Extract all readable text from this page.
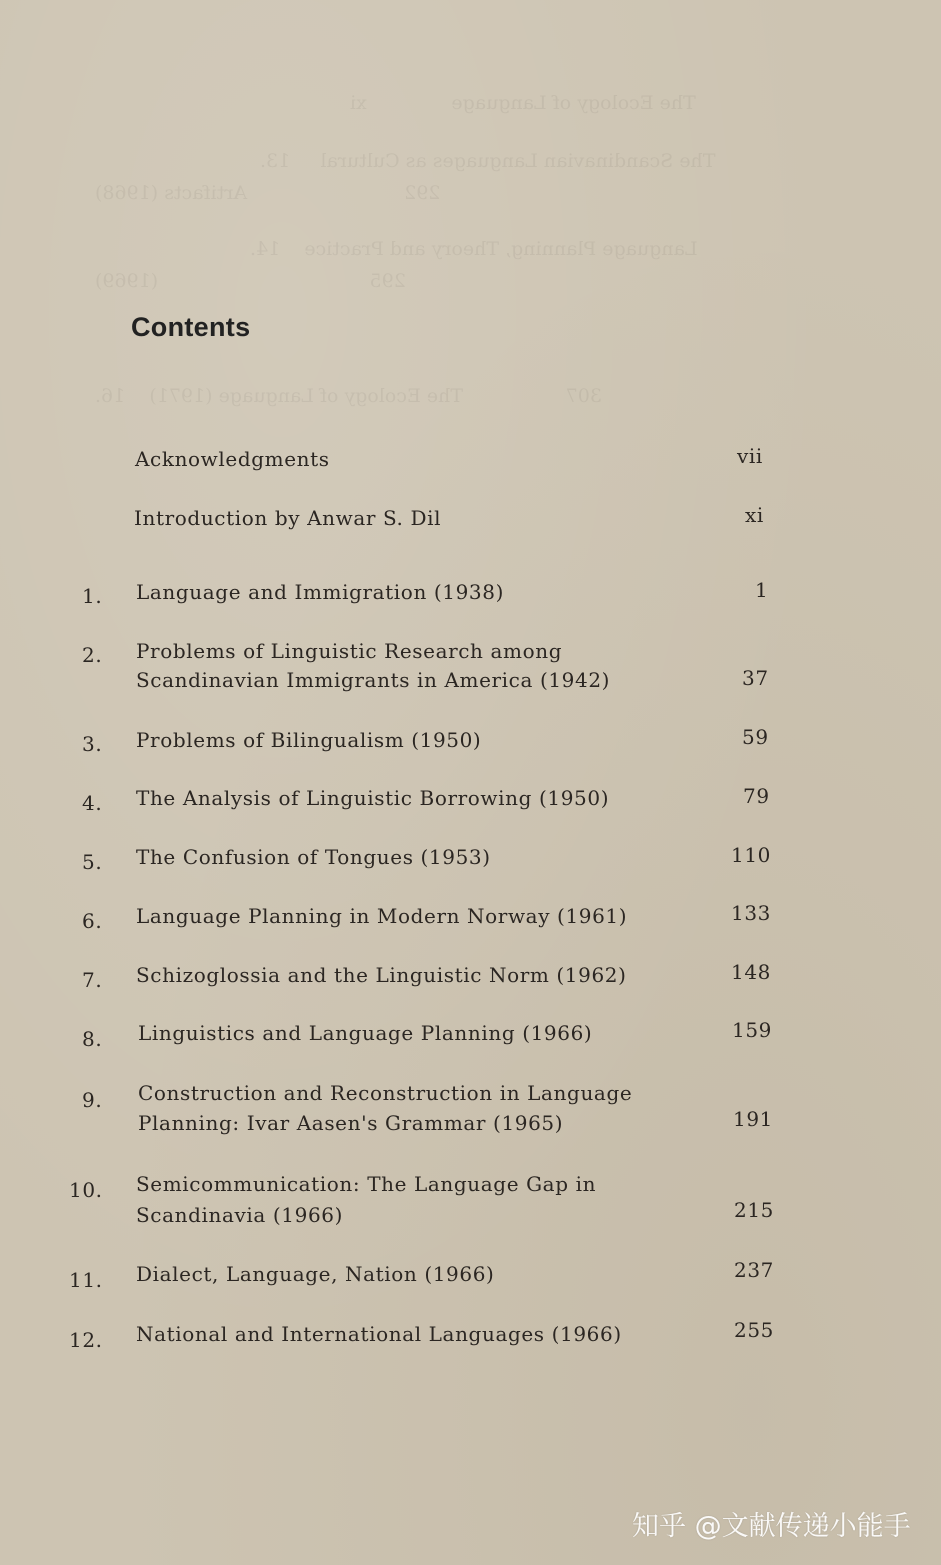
The Ecology of Language              xi
The Scandinavian Languages as Cultural     13.
292                          Artifacts (1968)
Language Planning, Theory and Practice    14.
295                                   (1969)
307                 The Ecology of Language (1971)    16.
Contents
Acknowledgments	vii
Introduction by Anwar S. Dil	xi
1. Language and Immigration (1938)	1
2. Problems of Linguistic Research among
Scandinavian Immigrants in America (1942)	37
3. Problems of Bilingualism (1950)	59
4. The Analysis of Linguistic Borrowing (1950)	79
5. The Confusion of Tongues (1953)	110
6. Language Planning in Modern Norway (1961)	133
7. Schizoglossia and the Linguistic Norm (1962)	148
8. Linguistics and Language Planning (1966)	159
9. Construction and Reconstruction in Language
Planning: Ivar Aasen's Grammar (1965)	191
10. Semicommunication: The Language Gap in
Scandinavia (1966)	215
11. Dialect, Language, Nation (1966)	237
12. National and International Languages (1966)	255
知乎 @文献传递小能手
